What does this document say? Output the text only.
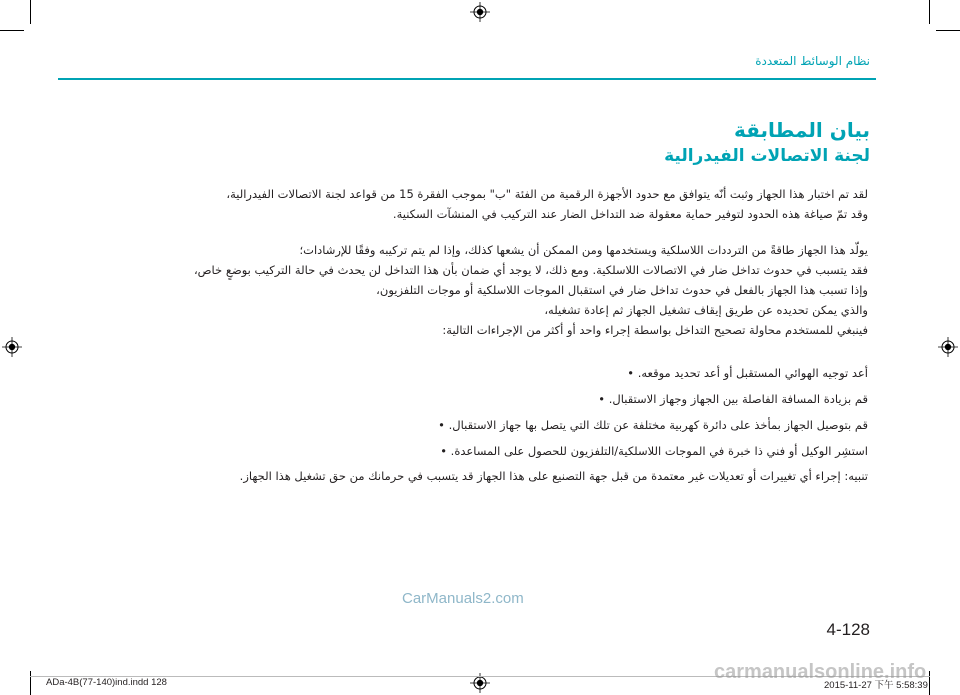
نظام الوسائط المتعددة
بيان المطابقة
لجنة الاتصالات الفيدرالية
لقد تم اختبار هذا الجهاز وثبت أنّه يتوافق مع حدود الأجهزة الرقمية من الفئة "ب" بموجب الفقرة 15 من قواعد لجنة الاتصالات الفيدرالية،
وقد تمّ صياغة هذه الحدود لتوفير حماية معقولة ضد التداخل الضار عند التركيب في المنشآت السكنية.
يولّد هذا الجهاز طاقةً من الترددات اللاسلكية ويستخدمها ومن الممكن أن يشعها كذلك، وإذا لم يتم تركيبه وفقًا للإرشادات؛
فقد يتسبب في حدوث تداخل ضار في الاتصالات اللاسلكية. ومع ذلك، لا يوجد أي ضمان بأن هذا التداخل لن يحدث في حالة التركيب بوضعٍ خاص،
وإذا تسبب هذا الجهاز بالفعل في حدوث تداخل ضار في استقبال الموجات اللاسلكية أو موجات التلفزيون،
والذي يمكن تحديده عن طريق إيقاف تشغيل الجهاز ثم إعادة تشغيله،
فينبغي للمستخدم محاولة تصحيح التداخل بواسطة إجراء واحد أو أكثر من الإجراءات التالية:
أعد توجيه الهوائي المستقبل أو أعد تحديد موقعه. •
قم بزيادة المسافة الفاصلة بين الجهاز وجهاز الاستقبال. •
قم بتوصيل الجهاز بمأخذ على دائرة كهربية مختلفة عن تلك التي يتصل بها جهاز الاستقبال. •
استشِر الوكيل أو فني ذا خبرة في الموجات اللاسلكية/التلفزيون للحصول على المساعدة. •
تنبيه: إجراء أي تغييرات أو تعديلات غير معتمدة من قبل جهة التصنيع على هذا الجهاز قد يتسبب في حرمانك من حق تشغيل هذا الجهاز.
CarManuals2.com
4-128
ADa-4B(77-140)ind.indd 128	2015-11-27 下午 5:58:39
carmanualsonline.info
